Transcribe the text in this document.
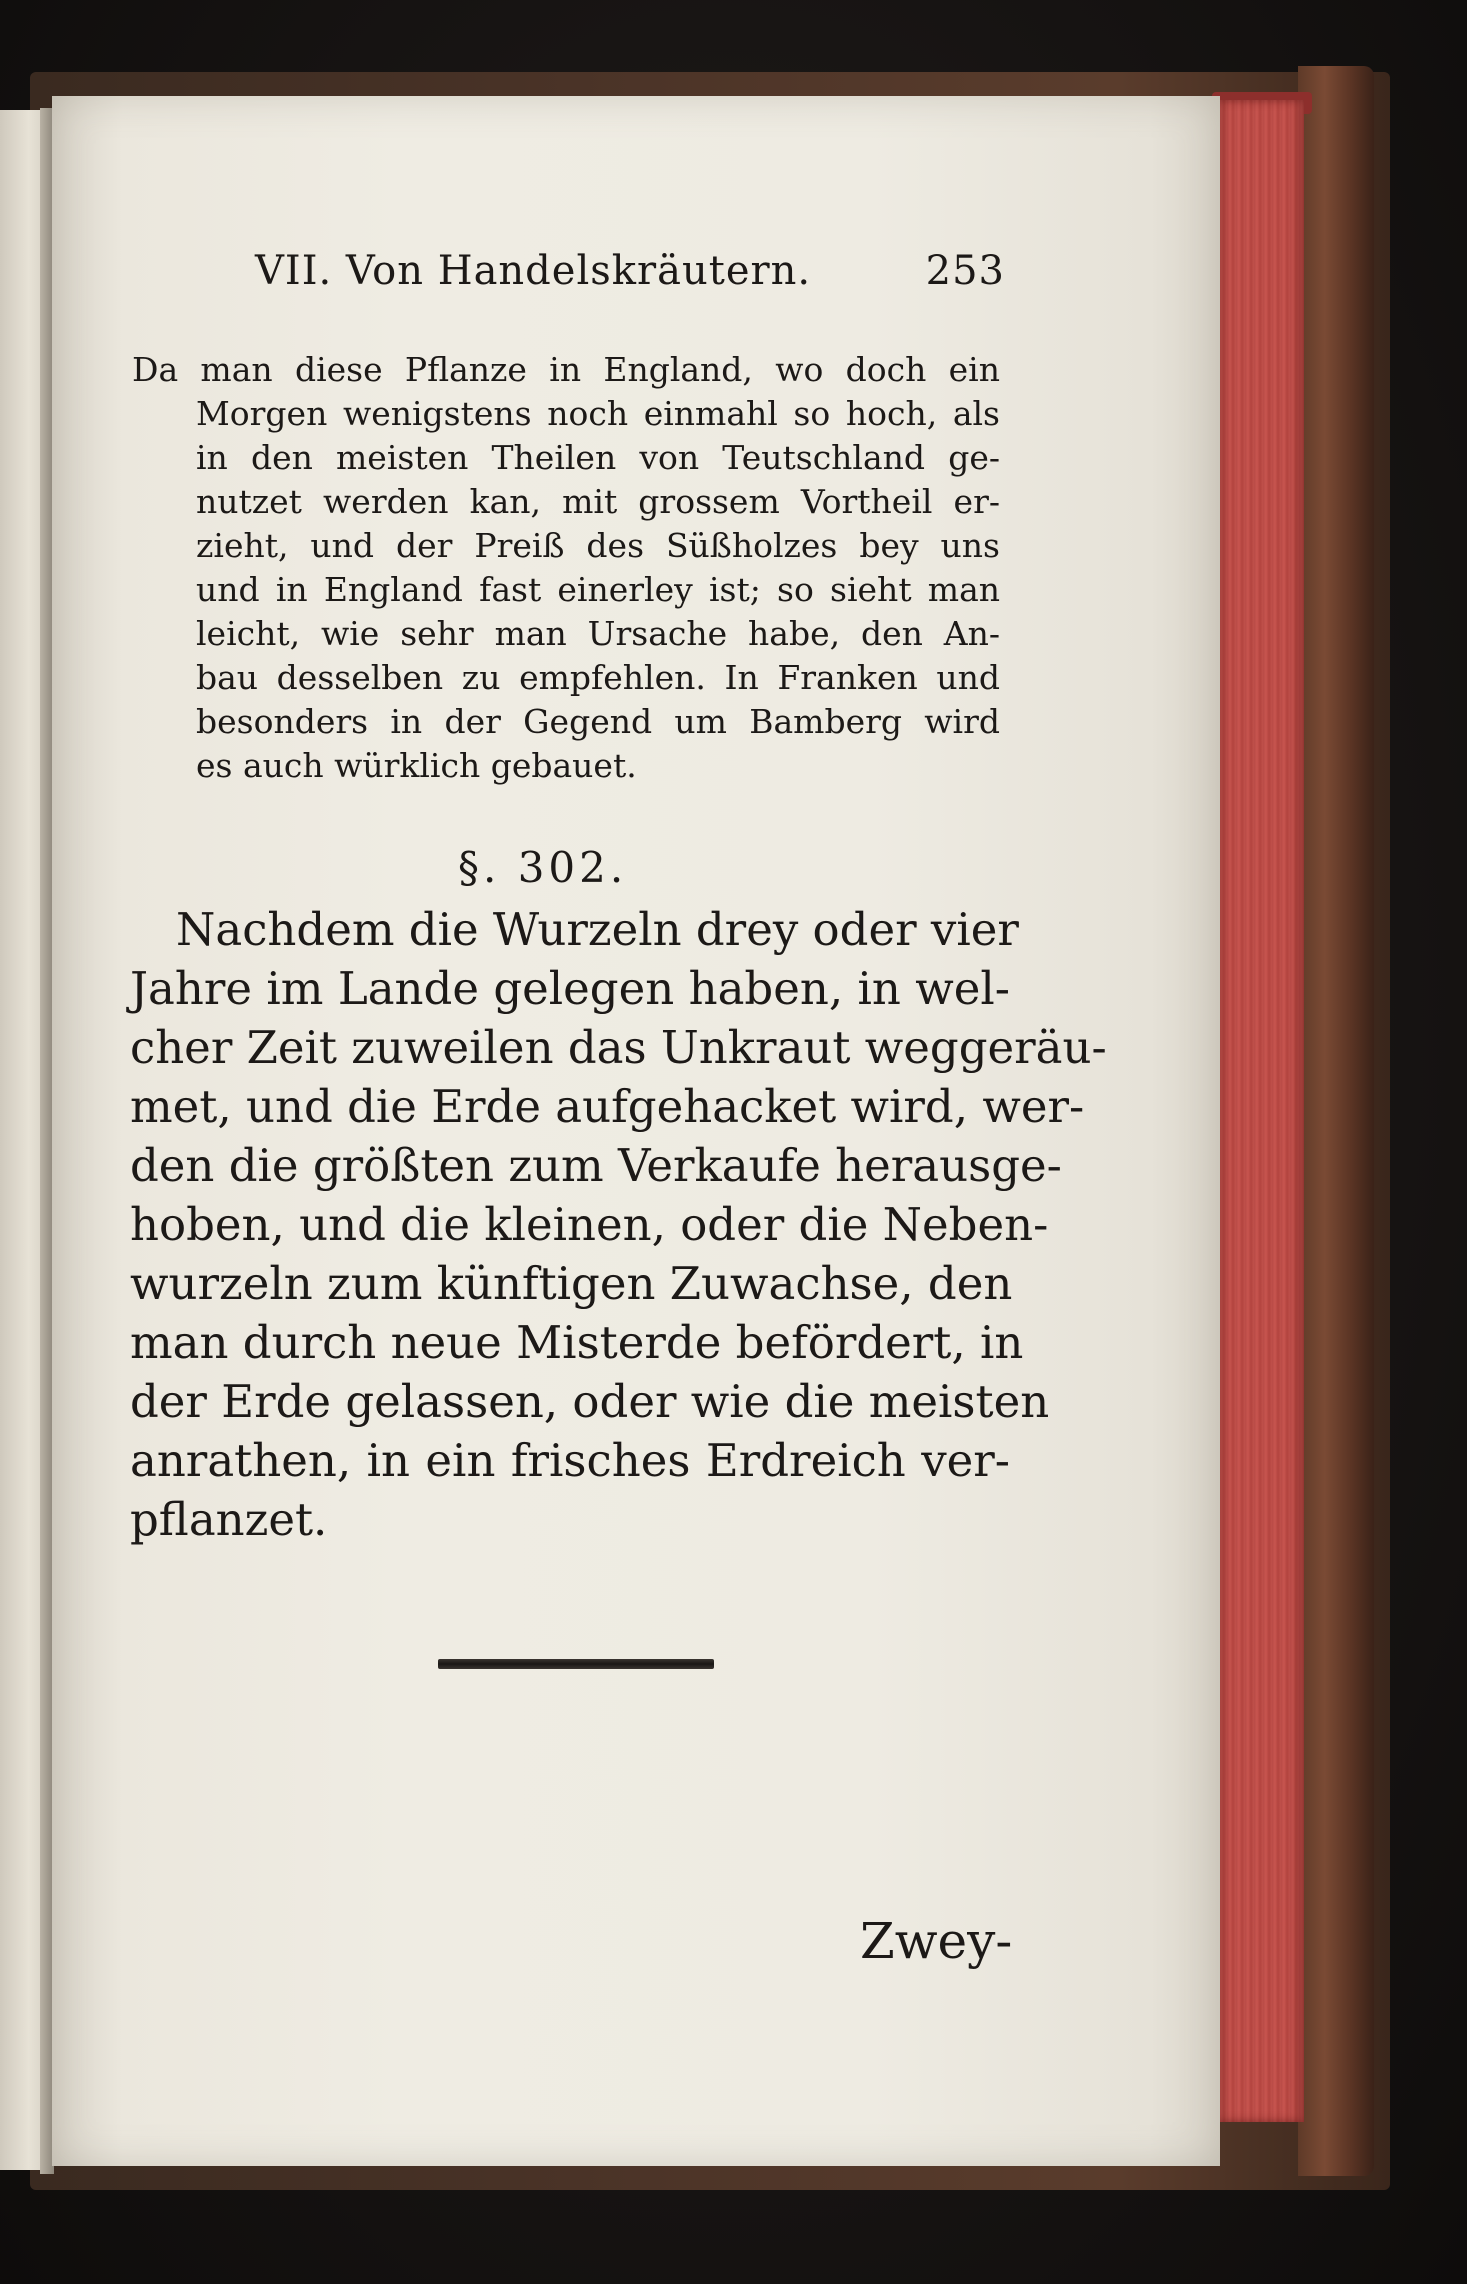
VII. Von Handelskräutern.	253
Da man diese Pflanze in England, wo doch ein
Morgen wenigstens noch einmahl so hoch, als
in den meisten Theilen von Teutschland ge-
nutzet werden kan, mit grossem Vortheil er-
zieht, und der Preiß des Süßholzes bey uns
und in England fast einerley ist; so sieht man
leicht, wie sehr man Ursache habe, den An-
bau desselben zu empfehlen. In Franken und
besonders in der Gegend um Bamberg wird
es auch würklich gebauet.
§. 302.
Nachdem die Wurzeln drey oder vier
Jahre im Lande gelegen haben, in wel-
cher Zeit zuweilen das Unkraut weggeräu-
met, und die Erde aufgehacket wird, wer-
den die größten zum Verkaufe herausge-
hoben, und die kleinen, oder die Neben-
wurzeln zum künftigen Zuwachse, den
man durch neue Misterde befördert, in
der Erde gelassen, oder wie die meisten
anrathen, in ein frisches Erdreich ver-
pflanzet.
Zwey-
